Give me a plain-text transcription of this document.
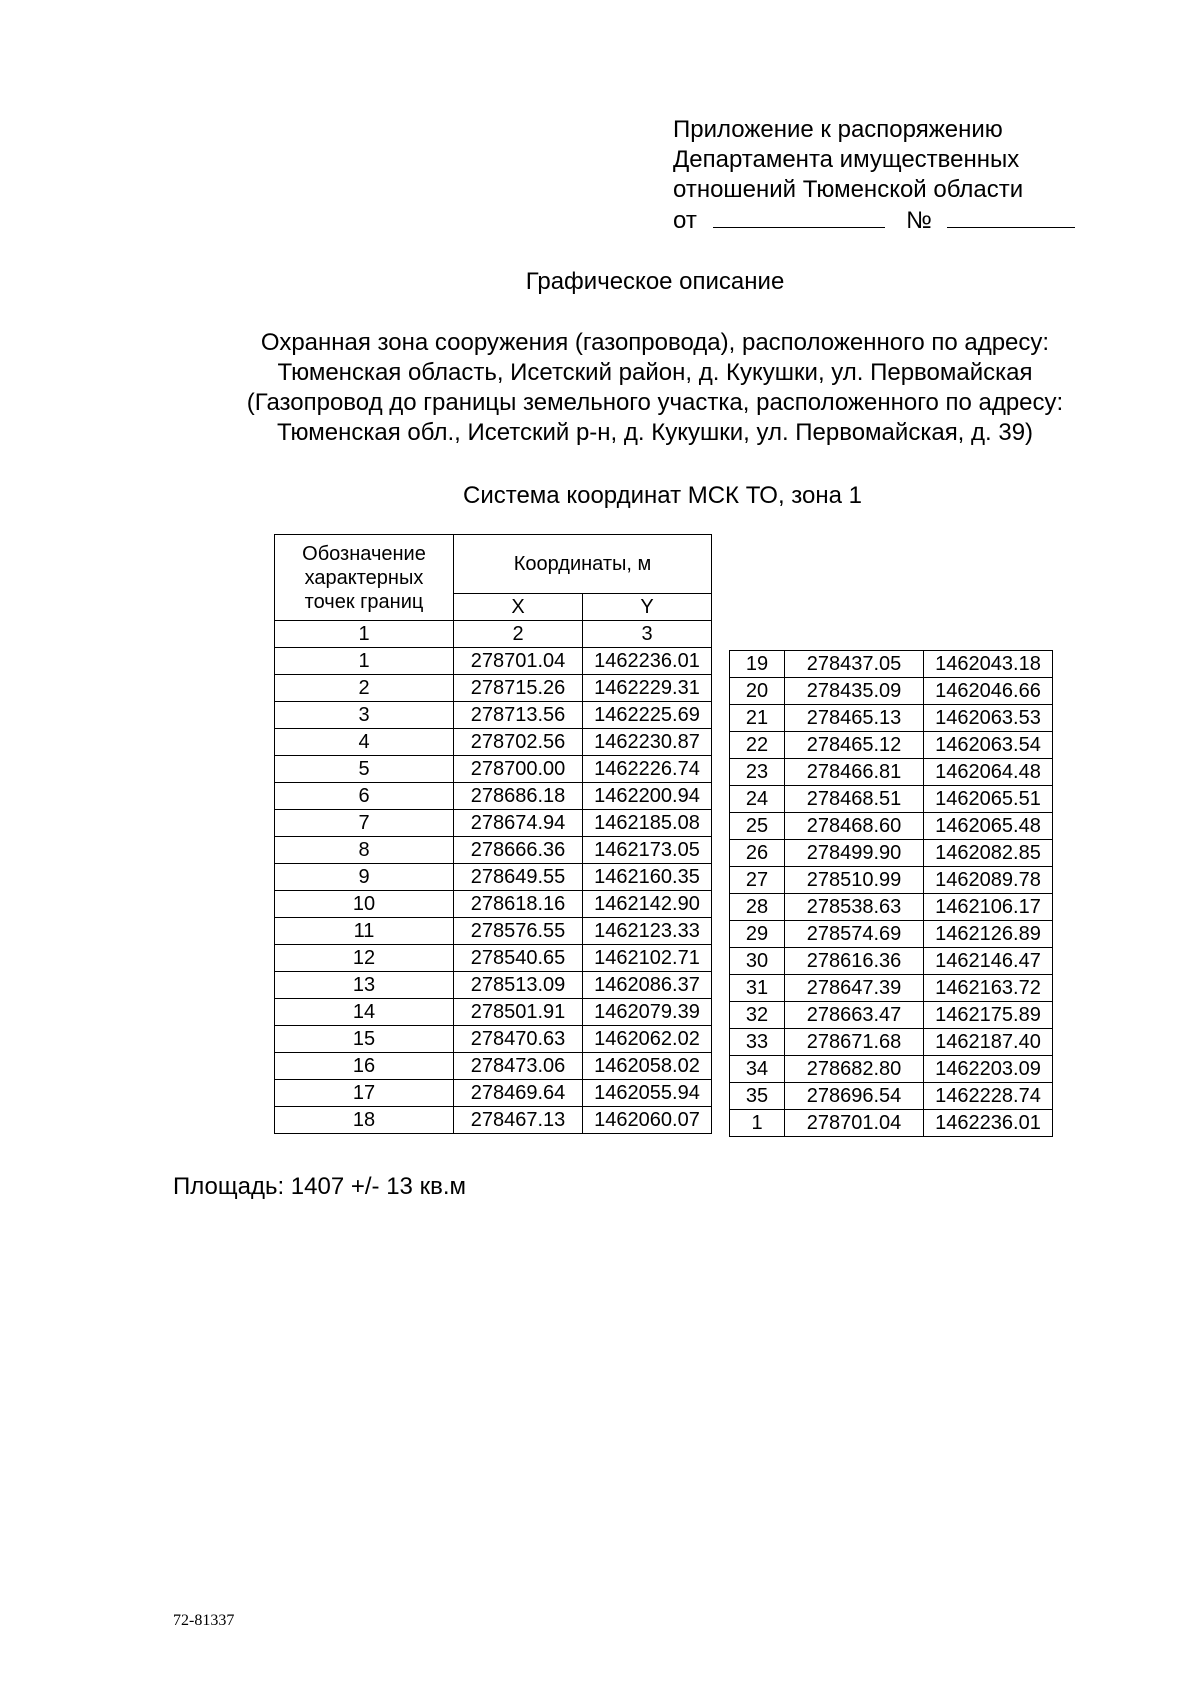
Приложение к распоряжению
Департамента имущественных
отношений Тюменской области
от	№
Графическое описание
Охранная зона сооружения (газопровода), расположенного по адресу:
Тюменская область, Исетский район, д. Кукушки, ул. Первомайская
(Газопровод до границы земельного участка, расположенного по адресу:
Тюменская обл., Исетский р-н, д. Кукушки, ул. Первомайская, д. 39)
Система координат МСК ТО, зона 1
Обозначение характерных точек границ	Координаты, м	
	X	Y
1	2	3
1	278701.04	1462236.01
2	278715.26	1462229.31
3	278713.56	1462225.69
4	278702.56	1462230.87
5	278700.00	1462226.74
6	278686.18	1462200.94
7	278674.94	1462185.08
8	278666.36	1462173.05
9	278649.55	1462160.35
10	278618.16	1462142.90
11	278576.55	1462123.33
12	278540.65	1462102.71
13	278513.09	1462086.37
14	278501.91	1462079.39
15	278470.63	1462062.02
16	278473.06	1462058.02
17	278469.64	1462055.94
18	278467.13	1462060.07
19	278437.05	1462043.18
20	278435.09	1462046.66
21	278465.13	1462063.53
22	278465.12	1462063.54
23	278466.81	1462064.48
24	278468.51	1462065.51
25	278468.60	1462065.48
26	278499.90	1462082.85
27	278510.99	1462089.78
28	278538.63	1462106.17
29	278574.69	1462126.89
30	278616.36	1462146.47
31	278647.39	1462163.72
32	278663.47	1462175.89
33	278671.68	1462187.40
34	278682.80	1462203.09
35	278696.54	1462228.74
1	278701.04	1462236.01
Площадь: 1407 +/- 13 кв.м
72-81337
